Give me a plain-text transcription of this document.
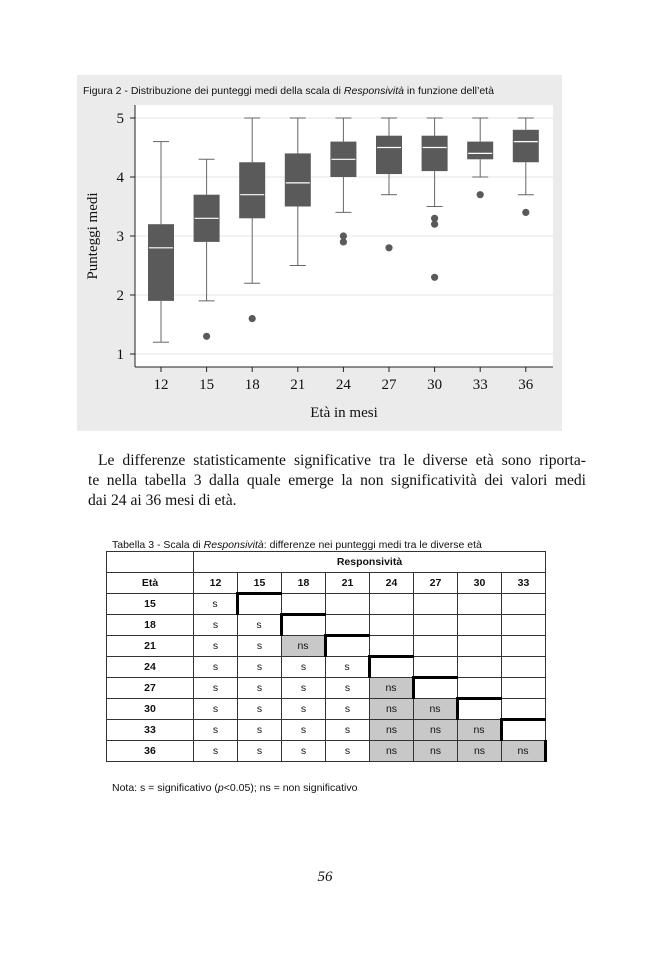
Figura 2 - Distribuzione dei punteggi medi della scala di Responsività in funzione dell’età
1
2
3
4
5
12 15 18 21 24 27 30 33 36
Età in mesi
Punteggi medi
Le differenze statisticamente significative tra le diverse età sono riporta-
te nella tabella 3 dalla quale emerge la non significatività dei valori medi
dai 24 ai 36 mesi di età.
Tabella 3 - Scala di Responsività: differenze nei punteggi medi tra le diverse età
	Responsività							
Età	12	15	18	21	24	27	30	33
15	s							
18	s	s						
21	s	s	ns					
24	s	s	s	s				
27	s	s	s	s	ns			
30	s	s	s	s	ns	ns		
33	s	s	s	s	ns	ns	ns	
36	s	s	s	s	ns	ns	ns	ns
Nota: s = significativo (p<0.05); ns = non significativo
56
